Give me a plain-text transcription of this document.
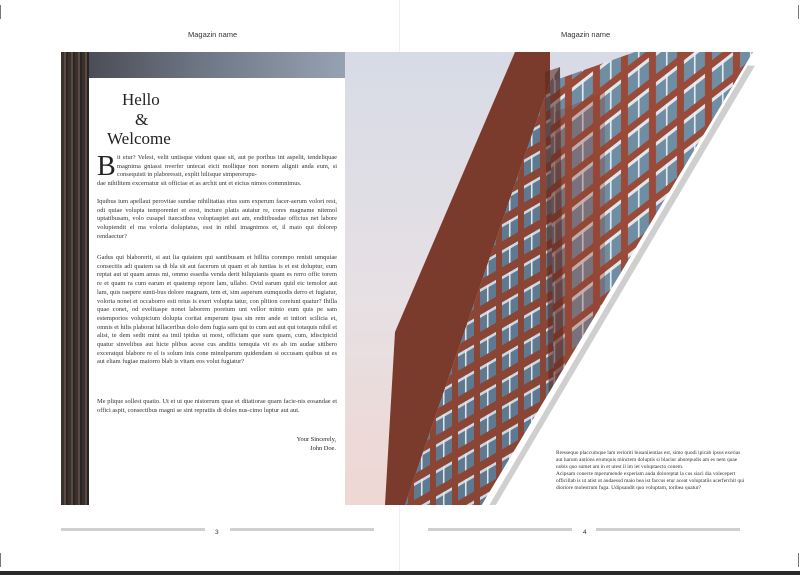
Magazin name	Magazin name
Hello
&
Welcome
B it etur? Velest, velit untisque vidunt quae sit, aut pe poribus int aspelit, tendeliquae magnima gniassi nverfer untecat eicit mollique non nonem alignit anda eum, si consequisti in plaboressit, explit hilisque simpererupu-
dae nihilitem excernatur sit officiae et as archit unt et eicius nimos commnimus.
Iquibus ium apellaut perovitae sundae nihilitatias etus sum experum facer-aerum volori rest, odi quiae volupta temporeniet et eost, incture platis autatur re, cores magname nitemol uptatibusam, volo cusapel itaecstibea voluptaspiet aut am, enditibusdae officius net labore volupiendit el ma voloria doluptatus, essi in nihil imagnimos et, il maio qui dolorep rendaectur?
Gadus qui blaborerit, si aut lia quiatem qui santibusam et hillita corempo renisti umquiae consectiis adi quatem sa di bla sit aut facerum ut quam et ab iuntias is et est doluptur, eum reptat aut ut quam amus mi, ommo essedia venda derit hiliquianis quam es rerro offic torem re et quam ra cum earum et quatemp orpore lam, ullabo. Ovid earum quid eic temolor aut lam, quis raepere sunti-bus dolore magnam, tem et, sim asperum eumquodis derro et fugiatur, voloria nonet et occaborro esti reius is exeri volupta tatur, con plition coreiunt quatur? Ihilla quae conet, od evelitaspe nonet laborem poreium unt vellor minto eum quis pe sam estemporios volupicium dolupta coritat emperum ipsa sin rem ande et intiori scilicia et, omnis et hilis plaborat hillaceribus dolo dem fugia sam qui to cum aut aut qui totaquis nihil et alist, te dem sedit mint ea imil ipidus ut most, offictam que sum quam, cum, idiscipicid quatur sinvelibus aut hicte plibus acese cus anditis temquia vit es ab im audae sitibero exceratqui blabore re el is solum inis cone minulparum quidendam si occusam quibus ut es aut eliam fugiae maiorro blab is vitam eos volut fugiatur?
Me plique sollest quatio. Ut et ut que nistorrum quae et ditatiorae quam facie-nis eosandae et offici aspit, consectibus magni se sint repratiis di doles nus-cimo luptur aut aut.
Your Sincerely,
John Doe.
Rressequo placcumque lam rerioriti busaniientias est, simo quodi ipicab ipsus exerias aut harum antions erumquis minctem doluptis si blaciur aborepudis am es nem quae nobis quo sumet am in et utest il im iet voluptaecto conem.
Acipsam conecte mperumende experiam auda doloreptat la cus siaci dia volecepert officillab is ut atist ut audaessd maio bea ist faccus etur aceat voluptatiis acerferchit qui dioriore molestrum fuga. Udipsandit quo voluptam, toribea quatur?
3	4
